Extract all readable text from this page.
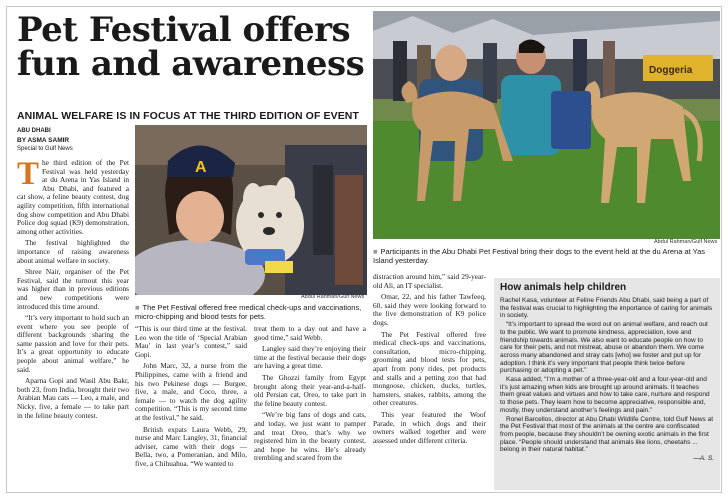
Pet Festival offers
fun and awareness
ANIMAL WELFARE IS IN FOCUS AT THE THIRD EDITION OF EVENT
ABU DHABI
BY ASMA SAMIR
Special to Gulf News

The third edition of the Pet Festival was held yesterday at du Arena in Yas Island in Abu Dhabi, and featured a cat show, a feline beauty contest, dog agility competition, fifth international dog show competition and Abu Dhabi Police dog squad (K9) demonstration, among other activities.

The festival highlighted the importance of raising awareness about animal welfare in society.

Shree Nair, organiser of the Pet Festival, said the turnout this year was higher than in previous editions and new competitions were introduced this time around.

“It’s very important to hold such an event where you see people of different backgrounds sharing the same passion and love for their pets. It’s a great opportunity to educate people about animal welfare,” he said.

Aparna Gopi and Wasil Abu Bakr, both 23, from India, brought their two Arabian Mau cats — Leo, a male, and Nicky, five, a female — to take part in the feline beauty contest.

A
Abdul Rahman/Gulf News
■ The Pet Festival offered free medical check-ups and vaccinations, micro-chipping and blood tests for pets.

“This is our third time at the festival. Leo won the title of ‘Special Arabian Mau’ in last year’s contest,” said Gopi.

John Marc, 32, a nurse from the Philippines, came with a friend and his two Pekinese dogs — Burgee, five, a male, and Coco, three, a female — to watch the dog agility competition. “This is my second time at the festival,” he said.

British expats Laura Webb, 29, nurse and Marc Langley, 31, financial adviser, came with their dogs — Bella, two, a Pomeranian, and Milo, five, a Chihuahua. “We wanted to

treat them to a day out and have a good time,” said Webb.

Langley said they’re enjoying their time at the festival because their dogs are having a great time.

The Ghozzi family from Egypt brought along their year-and-a-half-old Persian cat, Oreo, to take part in the feline beauty contest.

“We’re big fans of dogs and cats, and today, we just want to pamper and treat Oreo, that’s why we registered him in the beauty contest, and hope he wins. He’s already trembling and scared from the

Doggeria
Abdul Rahman/Gulf News
■ Participants in the Abu Dhabi Pet Festival bring their dogs to the event held at the du Arena at Yas Island yesterday.

distraction around him,” said 29-year-old Ali, an IT specialist.

Omar, 22, and his father Tawfeeq, 60, said they were looking forward to the live demonstration of K9 police dogs.

The Pet Festival offered free medical check-ups and vaccinations, consultation, micro-chipping, grooming and blood tests for pets, apart from pony rides, pet products and stalls and a petting zoo that had mongoose, chicken, ducks, turtles, hamsters, snakes, rabbits, among the other creatures.

This year featured the Woof Parade, in which dogs and their owners walked together and were assessed under different criteria.

How animals help children

Rachel Kasa, volunteer at Feline Friends Abu Dhabi, said being a part of the festival was crucial to highlighting the importance of caring for animals in society.

“It’s important to spread the word out on animal welfare, and reach out to the public. We want to promote kindness, appreciation, love and friendship towards animals. We also want to educate people on how to care for their pets, and not mistreat, abuse or abandon them. We come across many abandoned and stray cats [who] we foster and put up for adoption. I think it’s very important that people think twice before purchasing or adopting a pet.”

Kasa added, “I’m a mother of a three-year-old and a four-year-old and it’s just amazing when kids are brought up around animals. It teaches them great values and virtues and how to take care, nurture and respond to those pets. They learn how to become appreciative, responsible and, mostly, they understand another’s feelings and pain.”

Ronel Barcellos, director at Abu Dhabi Wildlife Centre, told Gulf News at the Pet Festival that most of the animals at the centre are confiscated from people, because they shouldn’t be owning exotic animals in the first place. “People should understand that animals like lions, cheetahs ... belong in their natural habitat.”

—A. S.
